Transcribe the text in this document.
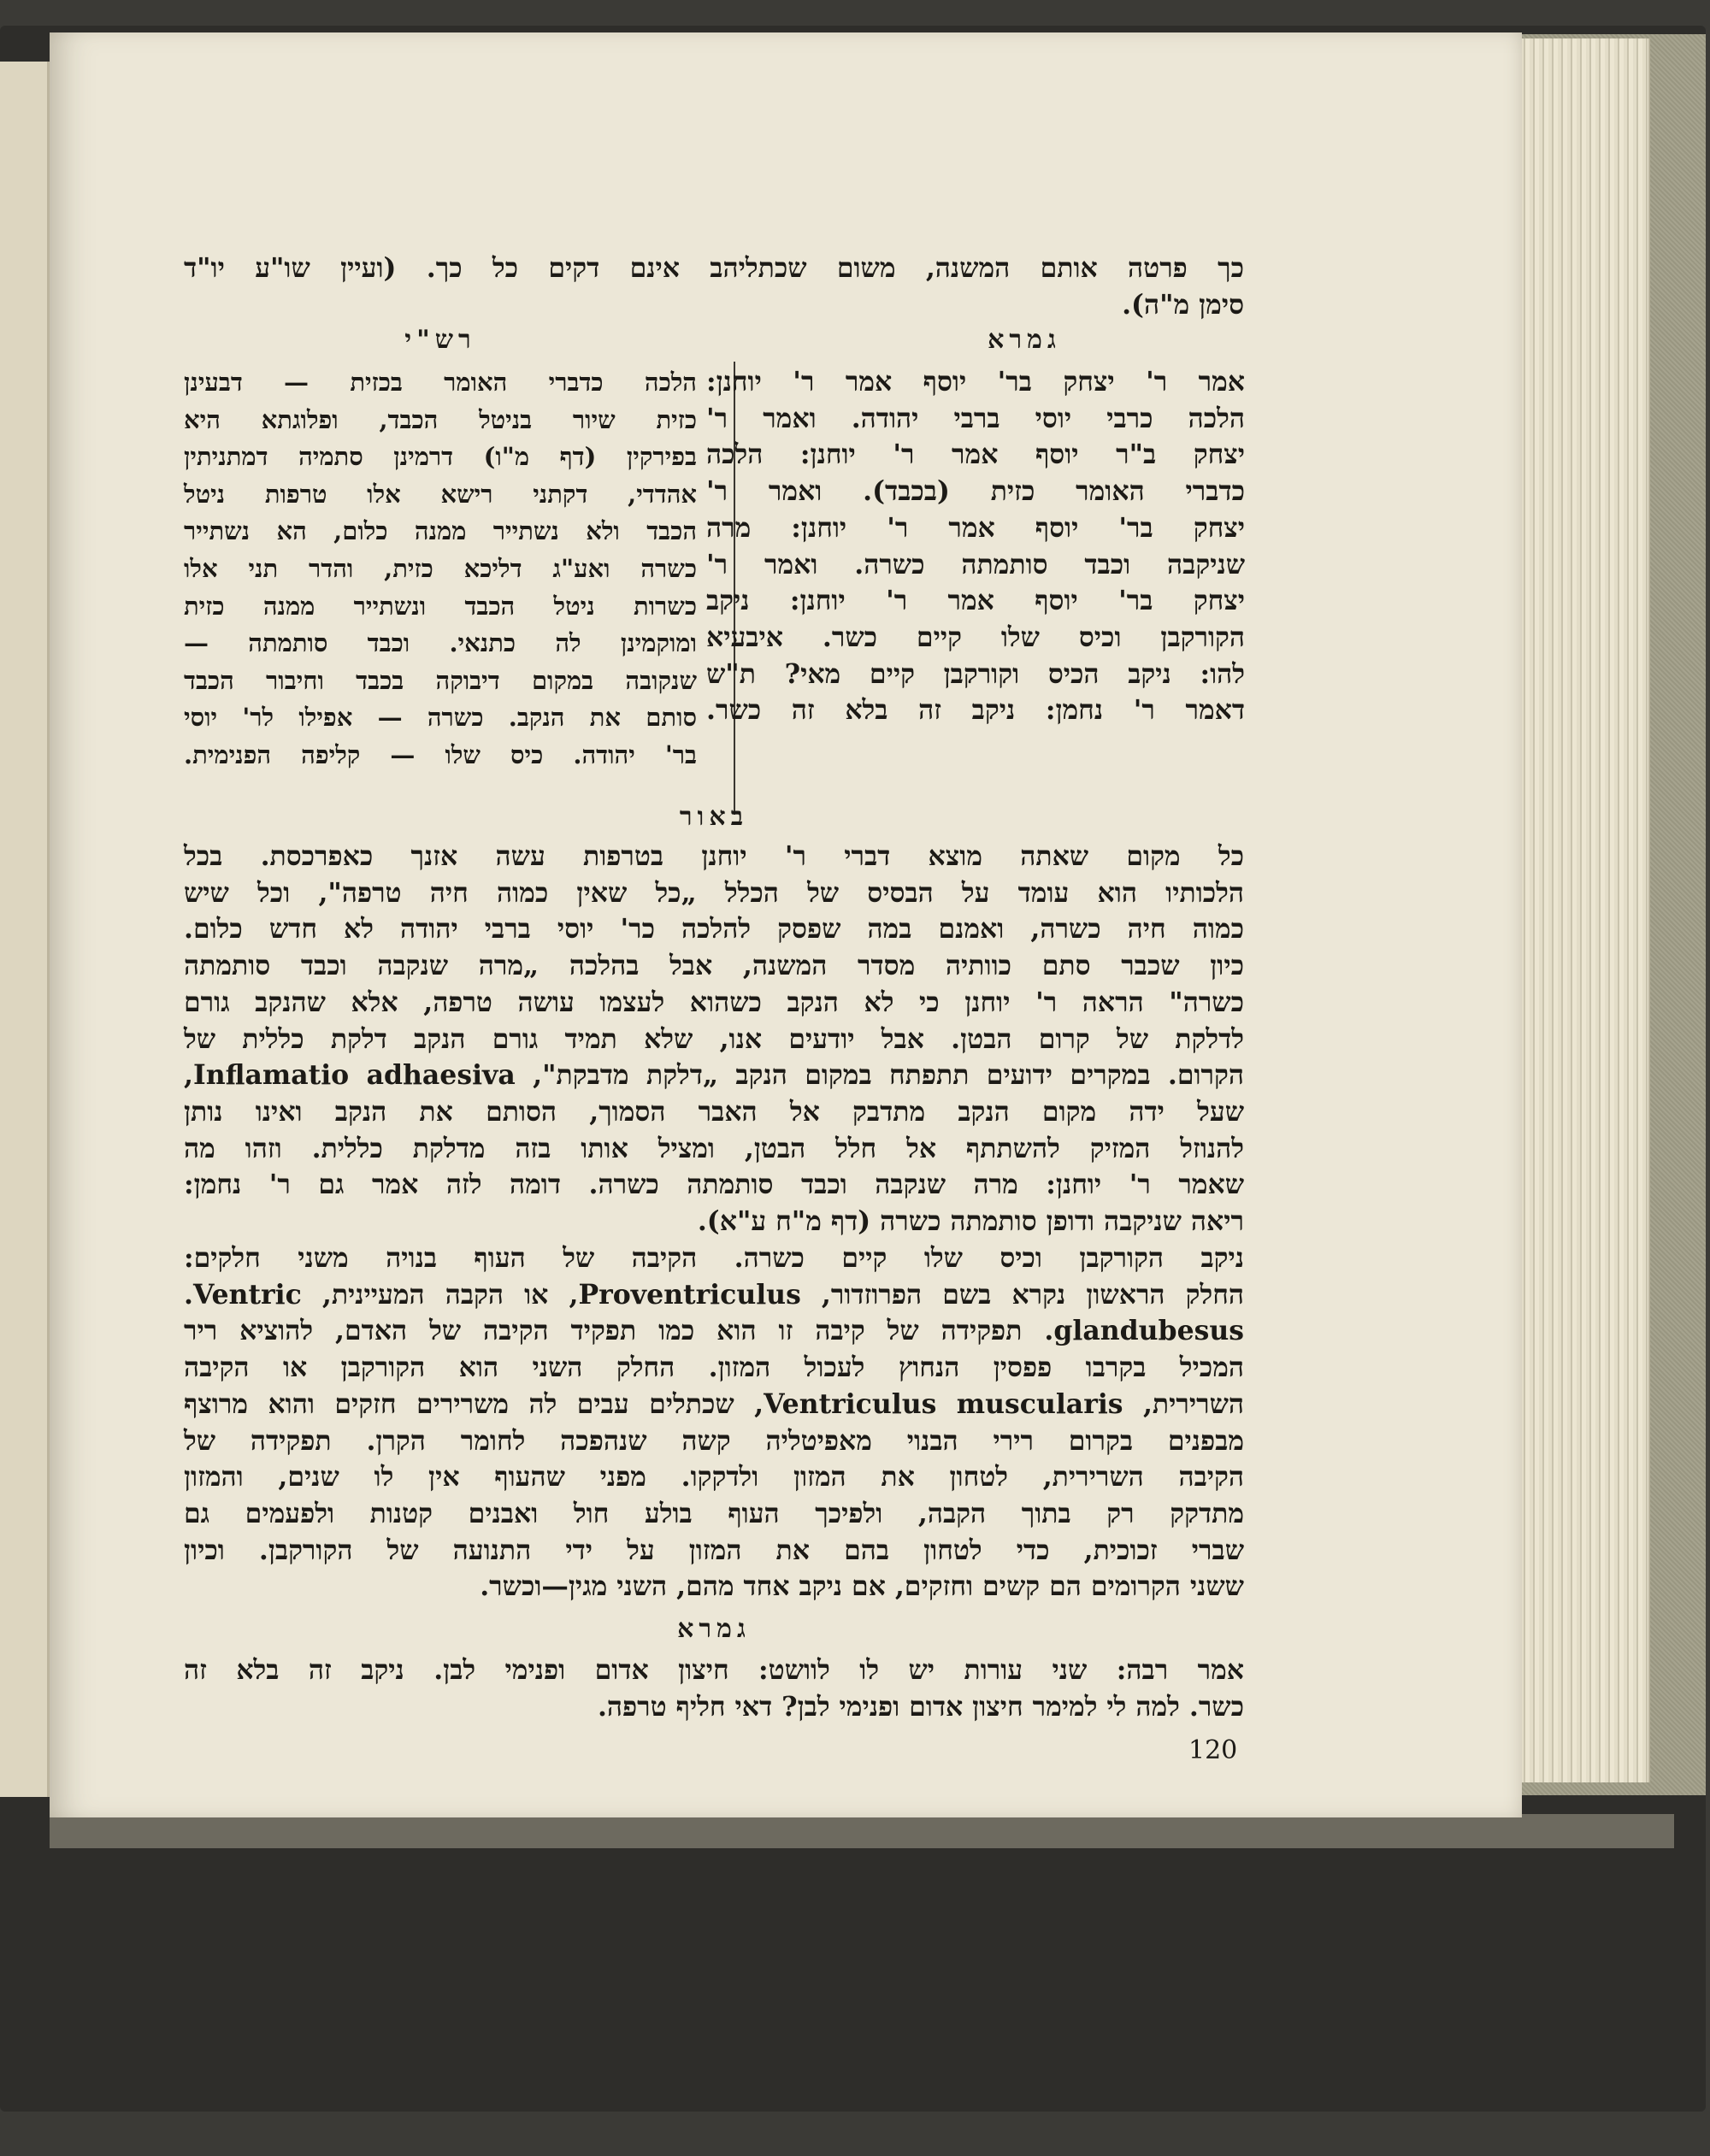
כך פרטה אותם המשנה, משום שכתליהב אינם דקים כל כך. (ועיין שו"ע יו"ד
סימן מ"ה).
גמרא
רש"י
אמר ר' יצחק בר' יוסף אמר ר' יוחנן:
הלכה כרבי יוסי ברבי יהודה. ואמר ר'
יצחק ב"ר יוסף אמר ר' יוחנן: הלכה
כדברי האומר כזית (בכבד). ואמר ר'
יצחק בר' יוסף אמר ר' יוחנן: מרה
שניקבה וכבד סותמתה כשרה. ואמר ר'
יצחק בר' יוסף אמר ר' יוחנן: ניקב
הקורקבן וכיס שלו קיים כשר. איבעיא
להו: ניקב הכיס וקורקבן קיים מאי? ת"ש
דאמר ר' נחמן: ניקב זה בלא זה כשר.
הלכה כדברי האומר בכזית — דבעינן
כזית שיור בניטל הכבד, ופלוגתא היא
בפירקין (דף מ"ו) דרמינן סתמיה דמתניתין
אהדדי, דקתני רישא אלו טרפות ניטל
הכבד ולא נשתייר ממנה כלום, הא נשתייר
כשרה ואע"ג דליכא כזית, והדר תני אלו
כשרות ניטל הכבד ונשתייר ממנה כזית
ומוקמינן לה כתנאי. וכבד סותמתה —
שנקובה במקום דיבוקה בכבד וחיבור הכבד
סותם את הנקב. כשרה — אפילו לר' יוסי
בר' יהודה. כיס שלו — קליפה הפנימית.
באור
כל מקום שאתה מוצא דברי ר' יוחנן בטרפות עשה אזנך כאפרכסת. בכל
הלכותיו הוא עומד על הבסיס של הכלל „כל שאין כמוה חיה טרפה", וכל שיש
כמוה חיה כשרה, ואמנם במה שפסק להלכה כר' יוסי ברבי יהודה לא חדש כלום.
כיון שכבר סתם כוותיה מסדר המשנה, אבל בהלכה „מרה שנקבה וכבד סותמתה
כשרה" הראה ר' יוחנן כי לא הנקב כשהוא לעצמו עושה טרפה, אלא שהנקב גורם
לדלקת של קרום הבטן. אבל יודעים אנו, שלא תמיד גורם הנקב דלקת כללית של
הקרום. במקרים ידועים תתפתח במקום הנקב „דלקת מדבקת", Inflamatio adhaesiva,
שעל ידה מקום הנקב מתדבק אל האבר הסמוך, הסותם את הנקב ואינו נותן
להנוזל המזיק להשתתף אל חלל הבטן, ומציל אותו בזה מדלקת כללית. וזהו מה
שאמר ר' יוחנן: מרה שנקבה וכבד סותמתה כשרה. דומה לזה אמר גם ר' נחמן:
ריאה שניקבה ודופן סותמתה כשרה (דף מ"ח ע"א).
ניקב הקורקבן וכיס שלו קיים כשרה. הקיבה של העוף בנויה משני חלקים:
החלק הראשון נקרא בשם הפרוזדור, Proventriculus, או הקבה המעיינית, Ventric.
glandubesus. תפקידה של קיבה זו הוא כמו תפקיד הקיבה של האדם, להוציא ריר
המכיל בקרבו פפסין הנחוץ לעכול המזון. החלק השני הוא הקורקבן או הקיבה
השרירית, Ventriculus muscularis, שכתלים עבים לה משרירים חזקים והוא מרוצף
מבפנים בקרום רירי הבנוי מאפיטליה קשה שנהפכה לחומר הקרן. תפקידה של
הקיבה השרירית, לטחון את המזון ולדקקו. מפני שהעוף אין לו שנים, והמזון
מתדקק רק בתוך הקבה, ולפיכך העוף בולע חול ואבנים קטנות ולפעמים גם
שברי זכוכית, כדי לטחון בהם את המזון על ידי התנועה של הקורקבן. וכיון
ששני הקרומים הם קשים וחזקים, אם ניקב אחד מהם, השני מגין—וכשר.
גמרא
אמר רבה: שני עורות יש לו לוושט: חיצון אדום ופנימי לבן. ניקב זה בלא זה
כשר. למה לי למימר חיצון אדום ופנימי לבן? דאי חליף טרפה.
120
